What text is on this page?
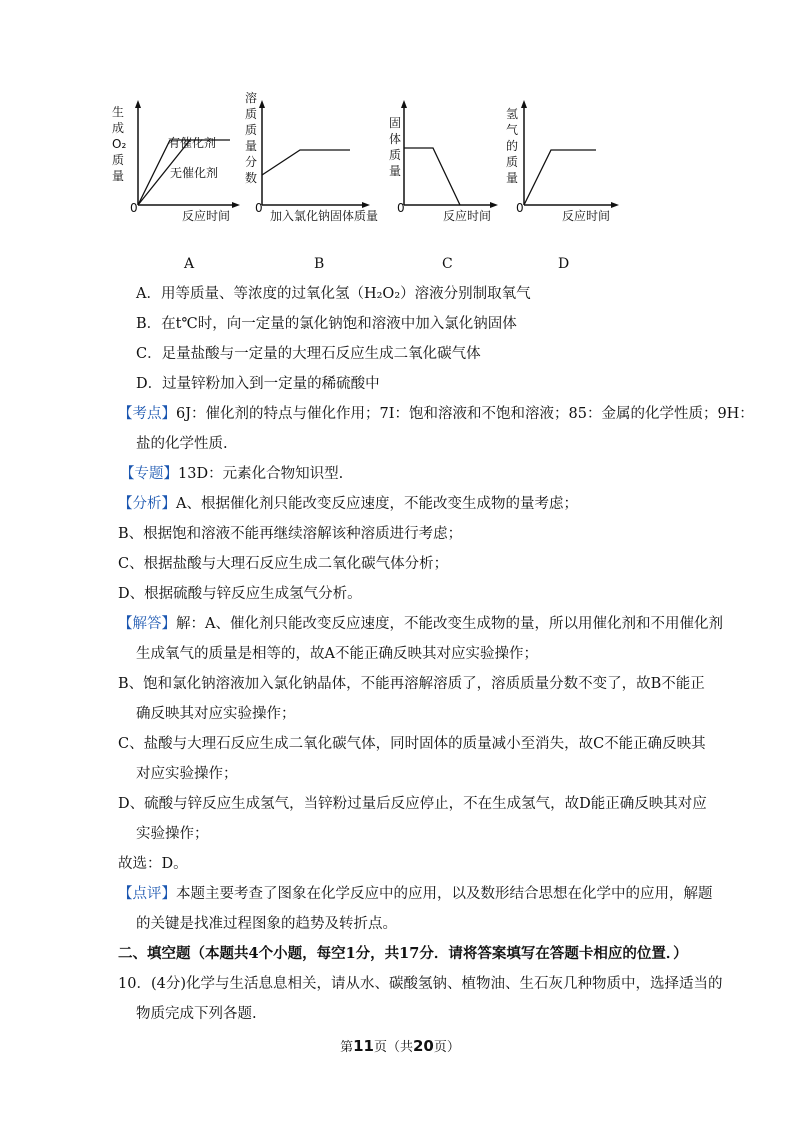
有催化剂
无催化剂
0
反应时间
生
成
O₂
质
量
0
加入氯化钠固体质量
溶
质
质
量
分
数
0
反应时间
固
体
质
量
0
反应时间
氢
气
的
质
量
A	B	C	D
A．用等质量、等浓度的过氧化氢（H₂O₂）溶液分别制取氧气
B．在t℃时，向一定量的氯化钠饱和溶液中加入氯化钠固体
C．足量盐酸与一定量的大理石反应生成二氧化碳气体
D．过量锌粉加入到一定量的稀硫酸中
【考点】6J：催化剂的特点与催化作用；7I：饱和溶液和不饱和溶液；85：金属的化学性质；9H：
盐的化学性质.
【专题】13D：元素化合物知识型.
【分析】A、根据催化剂只能改变反应速度，不能改变生成物的量考虑；
B、根据饱和溶液不能再继续溶解该种溶质进行考虑；
C、根据盐酸与大理石反应生成二氧化碳气体分析；
D、根据硫酸与锌反应生成氢气分析。
【解答】解：A、催化剂只能改变反应速度，不能改变生成物的量，所以用催化剂和不用催化剂
生成氧气的质量是相等的，故A不能正确反映其对应实验操作；
B、饱和氯化钠溶液加入氯化钠晶体，不能再溶解溶质了，溶质质量分数不变了，故B不能正
确反映其对应实验操作；
C、盐酸与大理石反应生成二氧化碳气体，同时固体的质量减小至消失，故C不能正确反映其
对应实验操作；
D、硫酸与锌反应生成氢气，当锌粉过量后反应停止，不在生成氢气，故D能正确反映其对应
实验操作；
故选：D。
【点评】本题主要考查了图象在化学反应中的应用，以及数形结合思想在化学中的应用，解题
的关键是找准过程图象的趋势及转折点。
二、填空题（本题共4个小题，每空1分，共17分．请将答案填写在答题卡相应的位置．）
10．(4分)化学与生活息息相关，请从水、碳酸氢钠、植物油、生石灰几种物质中，选择适当的
物质完成下列各题.
第11页（共20页）
